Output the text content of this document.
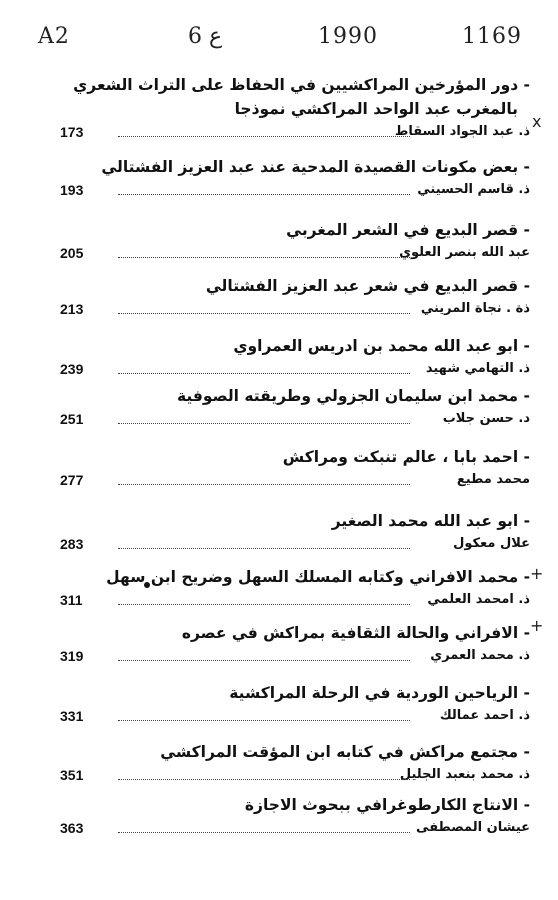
A2	6 ع	1990	1169
x
+
+
- دور المؤرخين المراكشيين في الحفاظ على التراث الشعري
بالمغرب عبد الواحد المراكشي نموذجا
ذ. عبد الجواد السقاط
173
- بعض مكونات القصيدة المدحية عند عبد العزيز الفشتالي
ذ. قاسم الحسيني
193
- قصر البديع في الشعر المغربي
عبد الله بنصر العلوي
205
- قصر البديع في شعر عبد العزيز الفشتالي
ذة . نجاة المريني
213
- ابو عبد الله محمد بن ادريس العمراوي
ذ. التهامي شهيد
239
- محمد ابن سليمان الجزولي وطريقته الصوفية
د. حسن جلاب
251
- احمد بابا ، عالم تنبكت ومراكش
محمد مطيع
277
- ابو عبد الله محمد الصغير
علال معكول
283
- محمد الافراني وكتابه المسلك السهل وضريح ابن سهل
ذ. امحمد العلمي
311
- الافراني والحالة الثقافية بمراكش في عصره
ذ. محمد العمري
319
- الرياحين الوردية في الرحلة المراكشية
ذ. احمد عمالك
331
- مجتمع مراكش في كتابه ابن المؤقت المراكشي
ذ. محمد بنعبد الجليل
351
- الانتاج الكارطوغرافي ببحوث الاجازة
عيشان المصطفى
363
